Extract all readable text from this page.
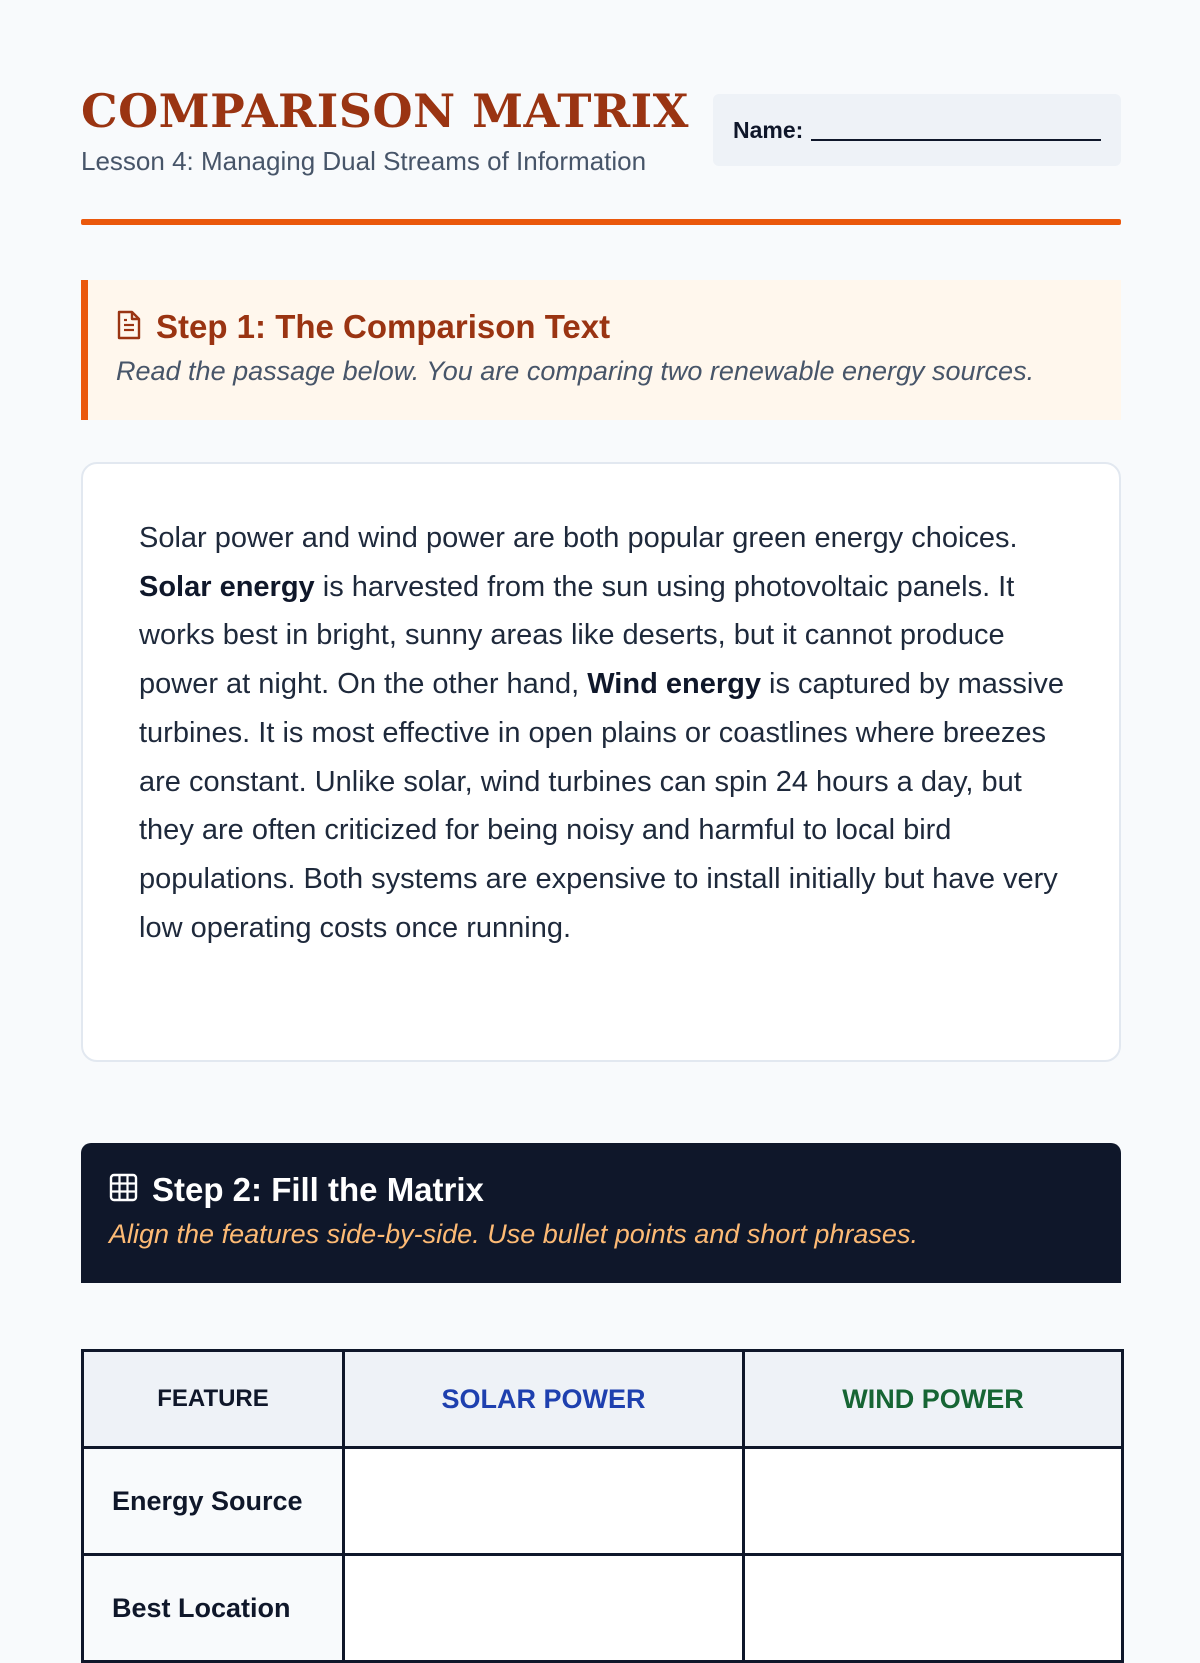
COMPARISON MATRIX
Lesson 4: Managing Dual Streams of Information
Name:
Step 1: The Comparison Text
Read the passage below. You are comparing two renewable energy sources.

Solar power and wind power are both popular green energy choices. Solar energy is harvested from the sun using photovoltaic panels. It works best in bright, sunny areas like deserts, but it cannot produce power at night. On the other hand, Wind energy is captured by massive turbines. It is most effective in open plains or coastlines where breezes are constant. Unlike solar, wind turbines can spin 24 hours a day, but they are often criticized for being noisy and harmful to local bird populations. Both systems are expensive to install initially but have very low operating costs once running.

Step 2: Fill the Matrix
Align the features side-by-side. Use bullet points and short phrases.
FEATURE	SOLAR POWER	WIND POWER
Energy Source		
Best Location		
